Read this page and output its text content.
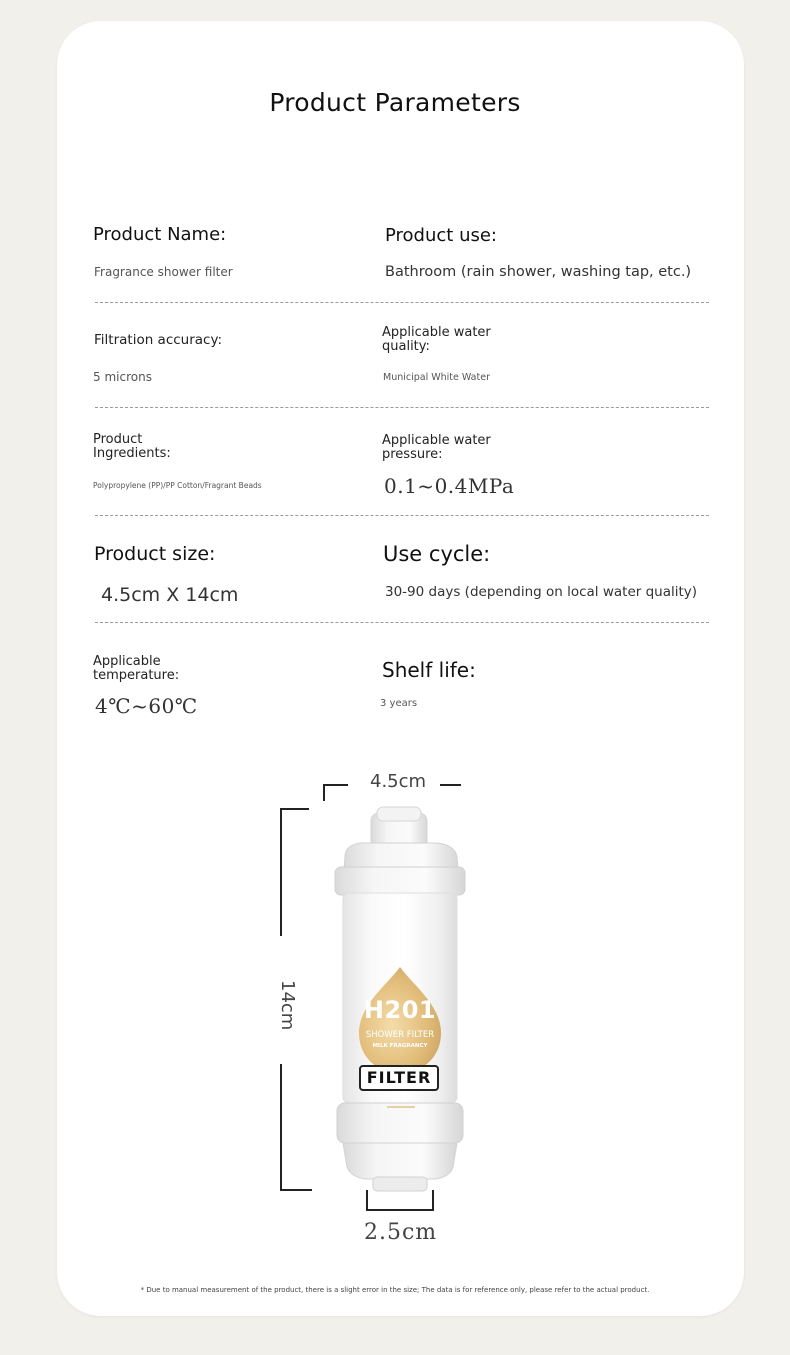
Product Parameters
Product Name:
Fragrance shower filter
Product use:
Bathroom (rain shower, washing tap, etc.)
Filtration accuracy:
5 microns
Applicable water
quality:
Municipal White Water
Product
Ingredients:
Polypropylene (PP)/PP Cotton/Fragrant Beads
Applicable water
pressure:
0.1~0.4MPa
Product size:
4.5cm X 14cm
Use cycle:
30-90 days (depending on local water quality)
Applicable
temperature:
4℃~60℃
Shelf life:
3 years
4.5cm
14cm
2.5cm
H201
SHOWER FILTER
MILK FRAGRANCY
FILTER
* Due to manual measurement of the product, there is a slight error in the size; The data is for reference only, please refer to the actual product.
